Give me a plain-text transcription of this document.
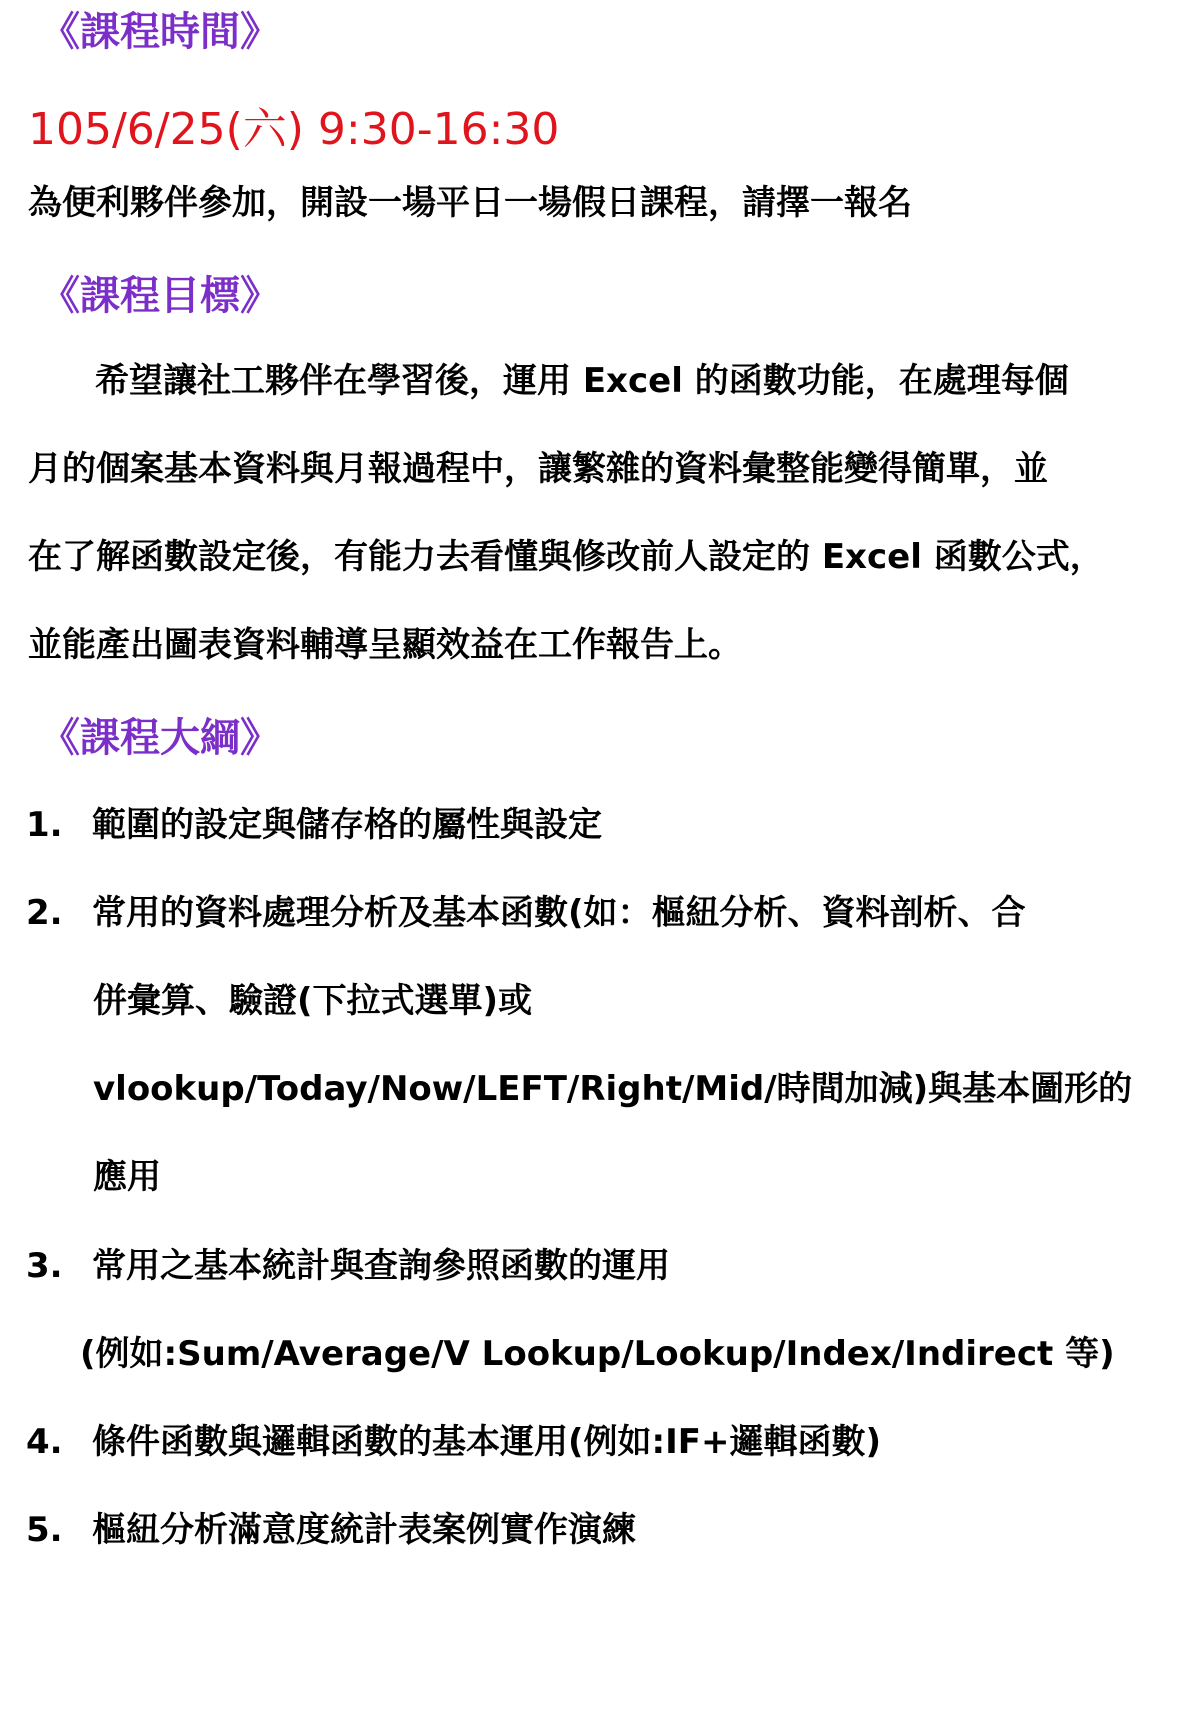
《課程時間》
105/6/25(六) 9:30-16:30
為便利夥伴參加，開設一場平日一場假日課程，請擇一報名
《課程目標》
希望讓社工夥伴在學習後，運用 Excel 的函數功能，在處理每個
月的個案基本資料與月報過程中，讓繁雜的資料彙整能變得簡單，並
在了解函數設定後，有能力去看懂與修改前人設定的 Excel 函數公式，
並能產出圖表資料輔導呈顯效益在工作報告上。
《課程大綱》
1. 範圍的設定與儲存格的屬性與設定
2. 常用的資料處理分析及基本函數(如：樞紐分析、資料剖析、合
併彙算、驗證(下拉式選單)或
vlookup/Today/Now/LEFT/Right/Mid/時間加減)與基本圖形的
應用
3. 常用之基本統計與查詢參照函數的運用
(例如:Sum/Average/V Lookup/Lookup/Index/Indirect 等)
4. 條件函數與邏輯函數的基本運用(例如:IF+邏輯函數)
5. 樞紐分析滿意度統計表案例實作演練
